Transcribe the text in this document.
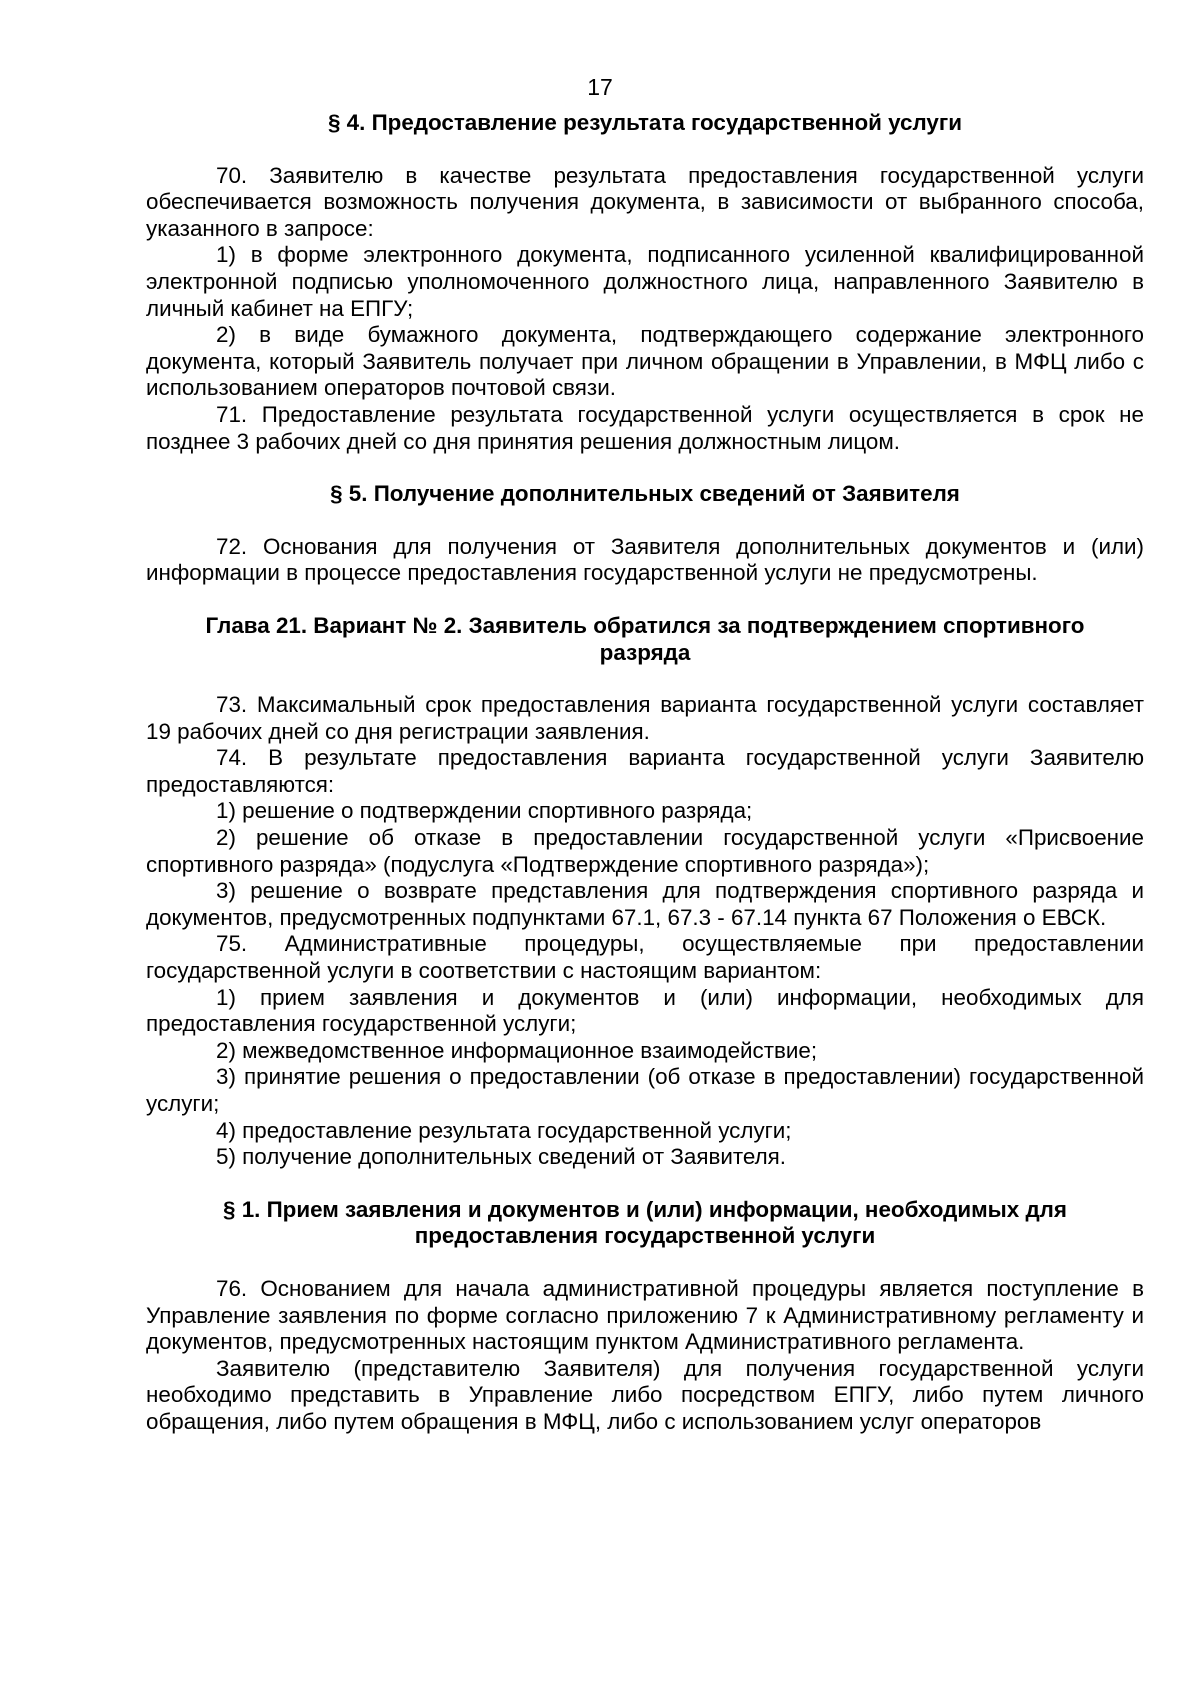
17

§ 4. Предоставление результата государственной услуги

70. Заявителю в качестве результата предоставления государственной услуги обеспечивается возможность получения документа, в зависимости от выбранного способа, указанного в запросе:

1) в форме электронного документа, подписанного усиленной квалифицированной электронной подписью уполномоченного должностного лица, направленного Заявителю в личный кабинет на ЕПГУ;

2) в виде бумажного документа, подтверждающего содержание электронного документа, который Заявитель получает при личном обращении в Управлении, в МФЦ либо с использованием операторов почтовой связи.

71. Предоставление результата государственной услуги осуществляется в срок не позднее 3 рабочих дней со дня принятия решения должностным лицом.

§ 5. Получение дополнительных сведений от Заявителя

72. Основания для получения от Заявителя дополнительных документов и (или) информации в процессе предоставления государственной услуги не предусмотрены.

Глава 21. Вариант № 2. Заявитель обратился за подтверждением спортивного разряда

73. Максимальный срок предоставления варианта государственной услуги составляет 19 рабочих дней со дня регистрации заявления.

74. В результате предоставления варианта государственной услуги Заявителю предоставляются:

1) решение о подтверждении спортивного разряда;

2) решение об отказе в предоставлении государственной услуги «Присвоение спортивного разряда» (подуслуга «Подтверждение спортивного разряда»);

3) решение о возврате представления для подтверждения спортивного разряда и документов, предусмотренных подпунктами 67.1, 67.3 - 67.14 пункта 67 Положения о ЕВСК.

75. Административные процедуры, осуществляемые при предоставлении государственной услуги в соответствии с настоящим вариантом:

1) прием заявления и документов и (или) информации, необходимых для предоставления государственной услуги;

2) межведомственное информационное взаимодействие;

3) принятие решения о предоставлении (об отказе в предоставлении) государственной услуги;

4) предоставление результата государственной услуги;

5) получение дополнительных сведений от Заявителя.

§ 1. Прием заявления и документов и (или) информации, необходимых для предоставления государственной услуги

76. Основанием для начала административной процедуры является поступление в Управление заявления по форме согласно приложению 7 к Административному регламенту и документов, предусмотренных настоящим пунктом Административного регламента.

Заявителю (представителю Заявителя) для получения государственной услуги необходимо представить в Управление либо посредством ЕПГУ, либо путем личного обращения, либо путем обращения в МФЦ, либо с использованием услуг операторов
